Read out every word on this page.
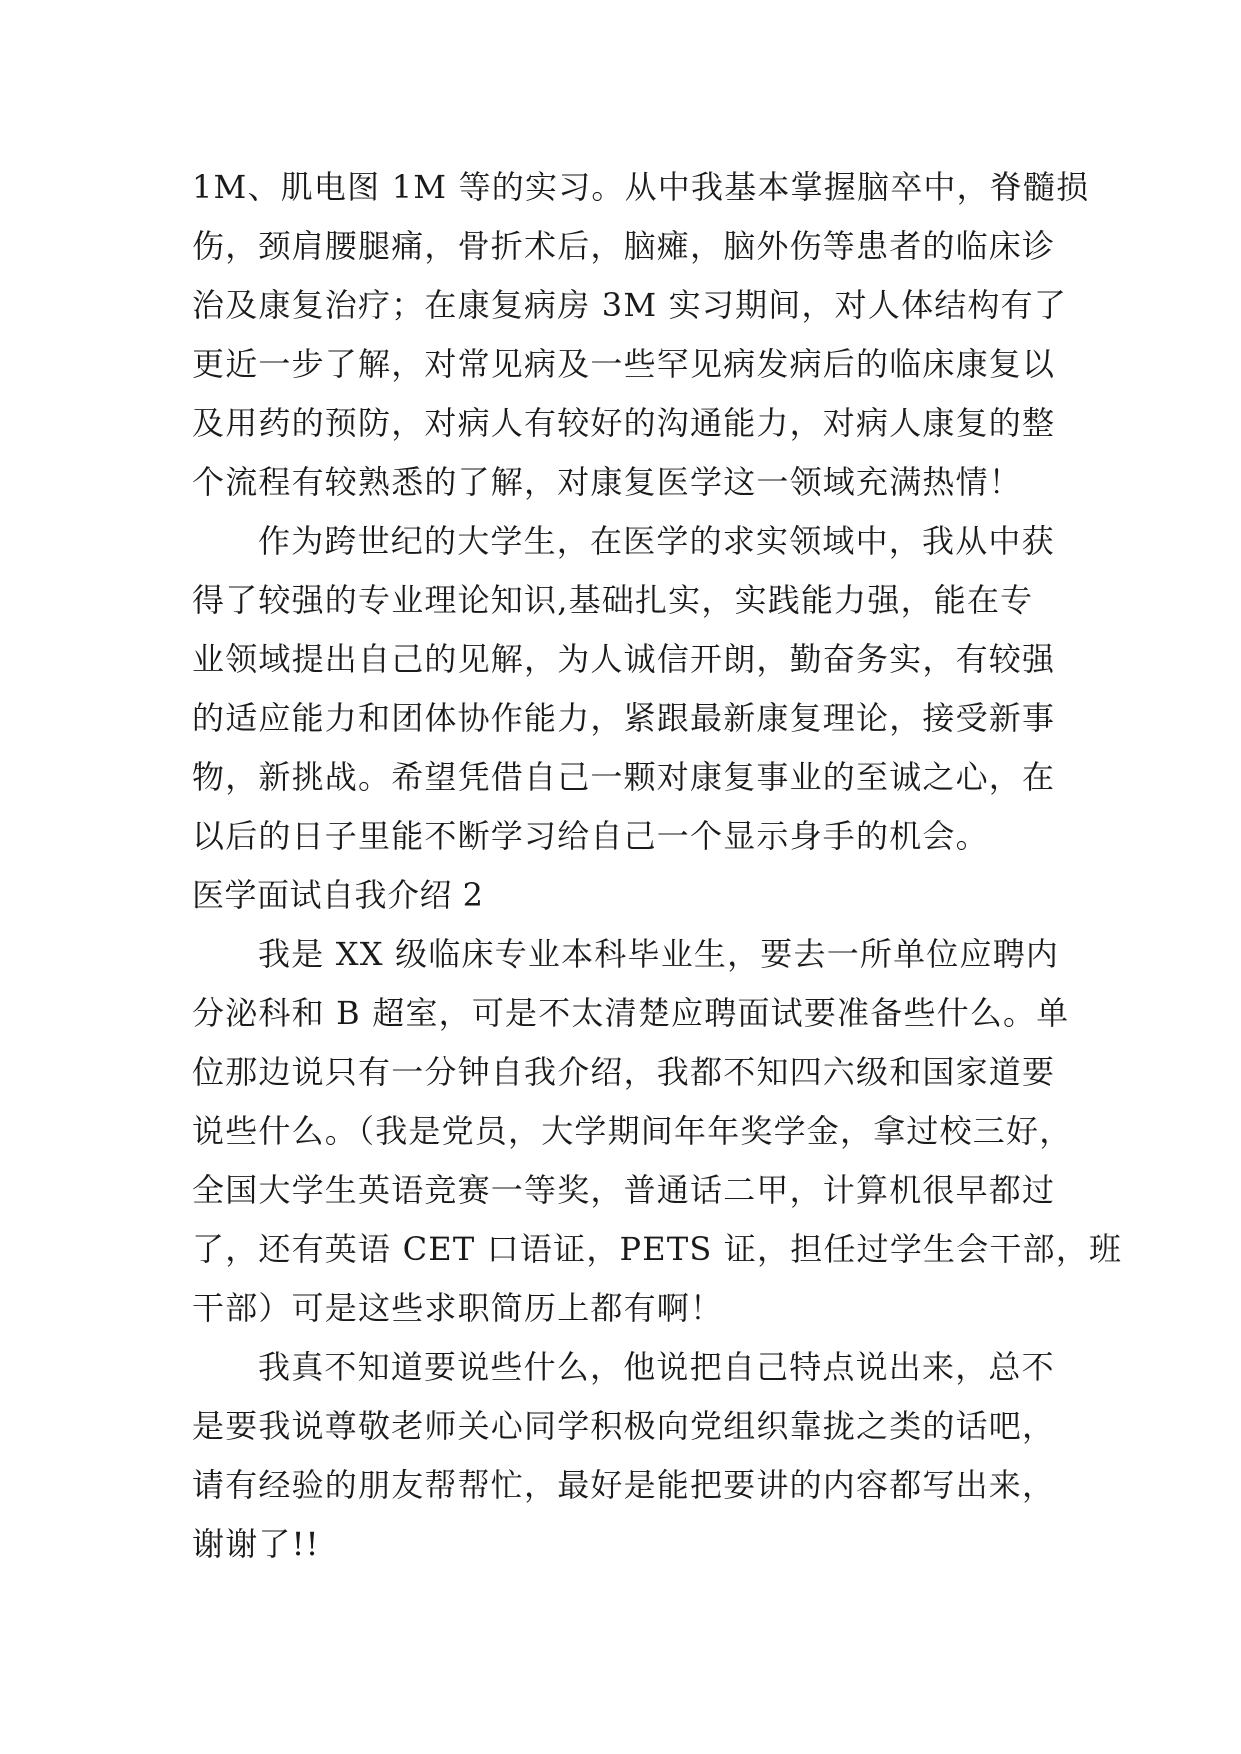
1M、肌电图 1M 等的实习。从中我基本掌握脑卒中，脊髓损
伤，颈肩腰腿痛，骨折术后，脑瘫，脑外伤等患者的临床诊
治及康复治疗；在康复病房 3M 实习期间，对人体结构有了
更近一步了解，对常见病及一些罕见病发病后的临床康复以
及用药的预防，对病人有较好的沟通能力，对病人康复的整
个流程有较熟悉的了解，对康复医学这一领域充满热情！
作为跨世纪的大学生，在医学的求实领域中，我从中获
得了较强的专业理论知识,基础扎实，实践能力强，能在专
业领域提出自己的见解，为人诚信开朗，勤奋务实，有较强
的适应能力和团体协作能力，紧跟最新康复理论，接受新事
物，新挑战。希望凭借自己一颗对康复事业的至诚之心，在
以后的日子里能不断学习给自己一个显示身手的机会。
医学面试自我介绍 2
我是 XX 级临床专业本科毕业生，要去一所单位应聘内
分泌科和 B 超室，可是不太清楚应聘面试要准备些什么。单
位那边说只有一分钟自我介绍，我都不知四六级和国家道要
说些什么。（我是党员，大学期间年年奖学金，拿过校三好，
全国大学生英语竞赛一等奖，普通话二甲，计算机很早都过
了，还有英语 CET 口语证，PETS 证，担任过学生会干部，班
干部）可是这些求职简历上都有啊！
我真不知道要说些什么，他说把自己特点说出来，总不
是要我说尊敬老师关心同学积极向党组织靠拢之类的话吧，
请有经验的朋友帮帮忙，最好是能把要讲的内容都写出来，
谢谢了!!
